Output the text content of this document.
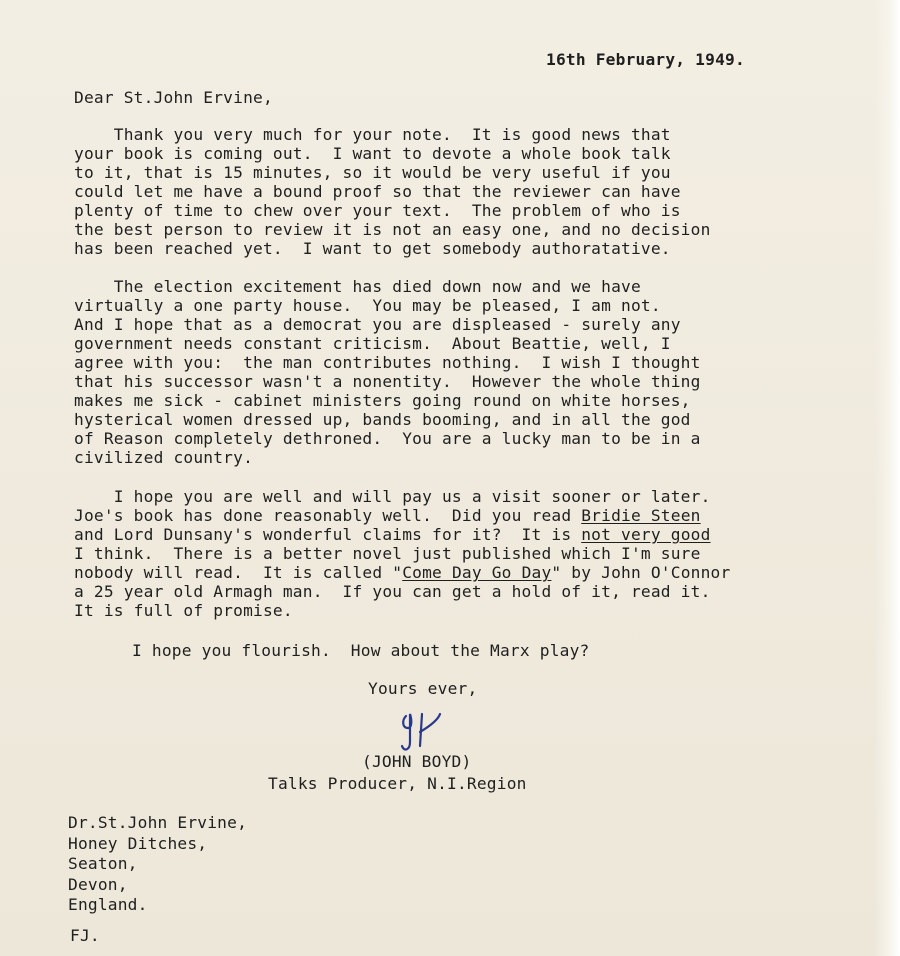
16th February, 1949.
Dear St.John Ervine,
Thank you very much for your note.  It is good news that
your book is coming out.  I want to devote a whole book talk
to it, that is 15 minutes, so it would be very useful if you
could let me have a bound proof so that the reviewer can have
plenty of time to chew over your text.  The problem of who is
the best person to review it is not an easy one, and no decision
has been reached yet.  I want to get somebody authoratative.
The election excitement has died down now and we have
virtually a one party house.  You may be pleased, I am not.
And I hope that as a democrat you are displeased - surely any
government needs constant criticism.  About Beattie, well, I
agree with you:  the man contributes nothing.  I wish I thought
that his successor wasn't a nonentity.  However the whole thing
makes me sick - cabinet ministers going round on white horses,
hysterical women dressed up, bands booming, and in all the god
of Reason completely dethroned.  You are a lucky man to be in a
civilized country.
I hope you are well and will pay us a visit sooner or later.
Joe's book has done reasonably well.  Did you read Bridie Steen
and Lord Dunsany's wonderful claims for it?  It is not very good
I think.  There is a better novel just published which I'm sure
nobody will read.  It is called "Come Day Go Day" by John O'Connor
a 25 year old Armagh man.  If you can get a hold of it, read it.
It is full of promise.
I hope you flourish.  How about the Marx play?
Yours ever,
(JOHN BOYD)
Talks Producer, N.I.Region
Dr.St.John Ervine,
Honey Ditches,
Seaton,
Devon,
England.
FJ.
